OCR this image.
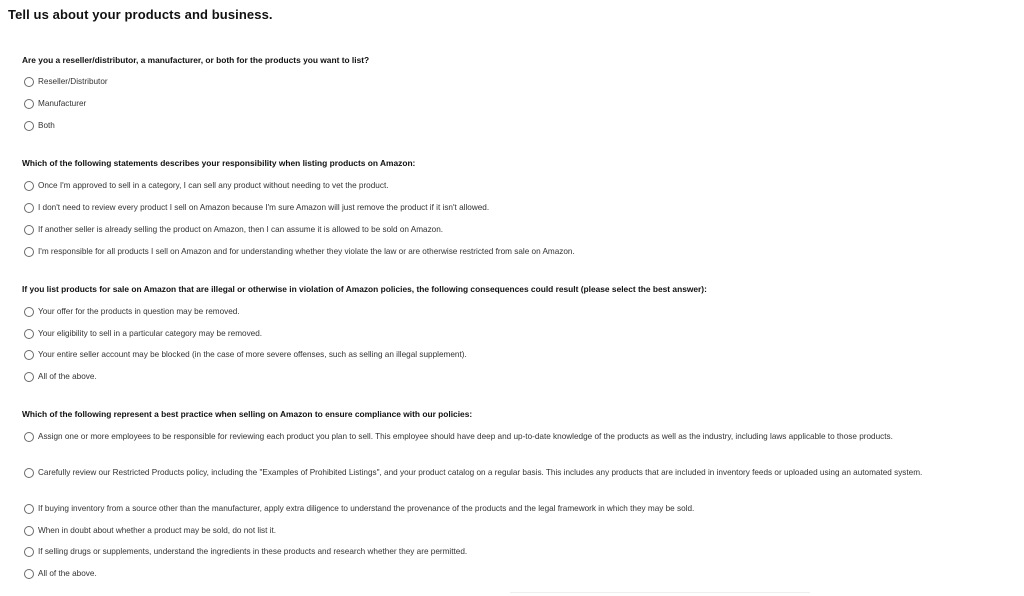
Tell us about your products and business.
Are you a reseller/distributor, a manufacturer, or both for the products you want to list?
Reseller/Distributor
Manufacturer
Both
Which of the following statements describes your responsibility when listing products on Amazon:
Once I'm approved to sell in a category, I can sell any product without needing to vet the product.
I don't need to review every product I sell on Amazon because I'm sure Amazon will just remove the product if it isn't allowed.
If another seller is already selling the product on Amazon, then I can assume it is allowed to be sold on Amazon.
I'm responsible for all products I sell on Amazon and for understanding whether they violate the law or are otherwise restricted from sale on Amazon.
If you list products for sale on Amazon that are illegal or otherwise in violation of Amazon policies, the following consequences could result (please select the best answer):
Your offer for the products in question may be removed.
Your eligibility to sell in a particular category may be removed.
Your entire seller account may be blocked (in the case of more severe offenses, such as selling an illegal supplement).
All of the above.
Which of the following represent a best practice when selling on Amazon to ensure compliance with our policies:
Assign one or more employees to be responsible for reviewing each product you plan to sell. This employee should have deep and up-to-date knowledge of the products as well as the industry, including laws applicable to those products.
Carefully review our Restricted Products policy, including the "Examples of Prohibited Listings", and your product catalog on a regular basis. This includes any products that are included in inventory feeds or uploaded using an automated system.
If buying inventory from a source other than the manufacturer, apply extra diligence to understand the provenance of the products and the legal framework in which they may be sold.
When in doubt about whether a product may be sold, do not list it.
If selling drugs or supplements, understand the ingredients in these products and research whether they are permitted.
All of the above.
